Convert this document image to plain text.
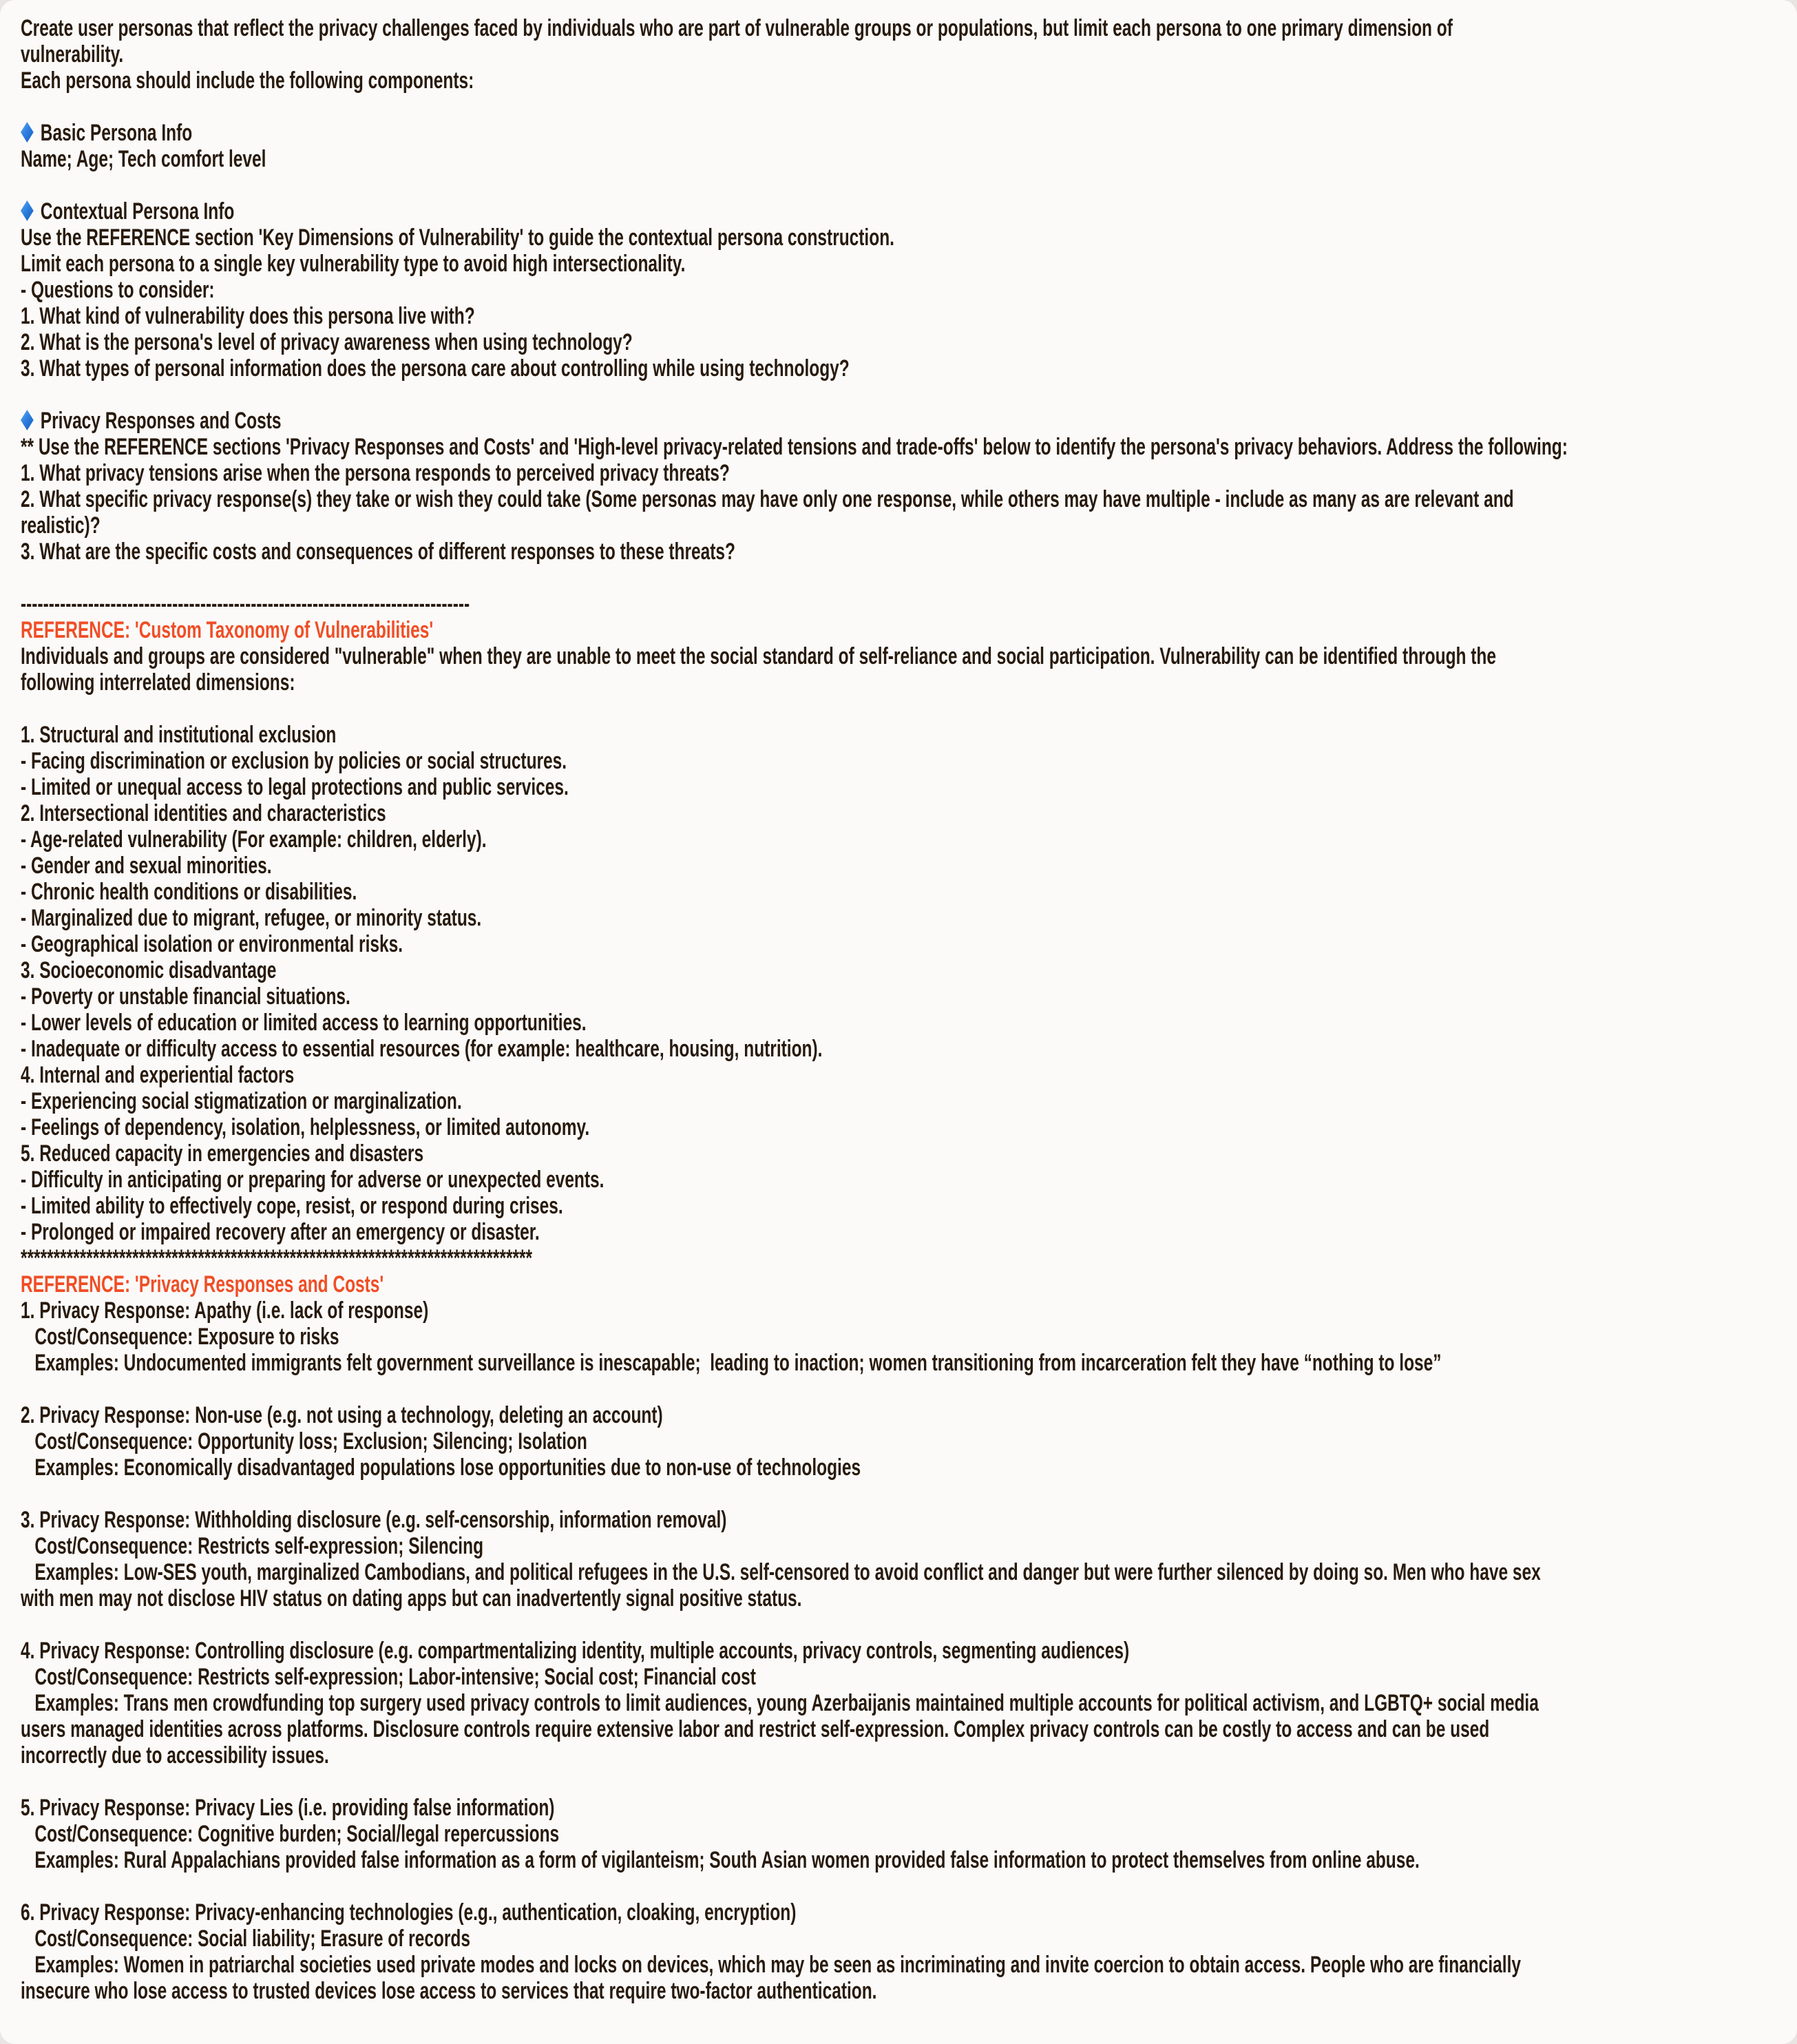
Create user personas that reflect the privacy challenges faced by individuals who are part of vulnerable groups or populations, but limit each persona to one primary dimension of
vulnerability.
Each persona should include the following components:
Basic Persona Info
Name; Age; Tech comfort level
Contextual Persona Info
Use the REFERENCE section 'Key Dimensions of Vulnerability' to guide the contextual persona construction.
Limit each persona to a single key vulnerability type to avoid high intersectionality.
- Questions to consider:
1. What kind of vulnerability does this persona live with?
2. What is the persona's level of privacy awareness when using technology?
3. What types of personal information does the persona care about controlling while using technology?
Privacy Responses and Costs
** Use the REFERENCE sections 'Privacy Responses and Costs' and 'High-level privacy-related tensions and trade-offs' below to identify the persona's privacy behaviors. Address the following:
1. What privacy tensions arise when the persona responds to perceived privacy threats?
2. What specific privacy response(s) they take or wish they could take (Some personas may have only one response, while others may have multiple - include as many as are relevant and
realistic)?
3. What are the specific costs and consequences of different responses to these threats?
--------------------------------------------------------------------------------
REFERENCE: 'Custom Taxonomy of Vulnerabilities'
Individuals and groups are considered "vulnerable" when they are unable to meet the social standard of self-reliance and social participation. Vulnerability can be identified through the
following interrelated dimensions:
1. Structural and institutional exclusion
- Facing discrimination or exclusion by policies or social structures.
- Limited or unequal access to legal protections and public services.
2. Intersectional identities and characteristics
- Age-related vulnerability (For example: children, elderly).
- Gender and sexual minorities.
- Chronic health conditions or disabilities.
- Marginalized due to migrant, refugee, or minority status.
- Geographical isolation or environmental risks.
3. Socioeconomic disadvantage
- Poverty or unstable financial situations.
- Lower levels of education or limited access to learning opportunities.
- Inadequate or difficulty access to essential resources (for example: healthcare, housing, nutrition).
4. Internal and experiential factors
- Experiencing social stigmatization or marginalization.
- Feelings of dependency, isolation, helplessness, or limited autonomy.
5. Reduced capacity in emergencies and disasters
- Difficulty in anticipating or preparing for adverse or unexpected events.
- Limited ability to effectively cope, resist, or respond during crises.
- Prolonged or impaired recovery after an emergency or disaster.
******************************************************************************
REFERENCE: 'Privacy Responses and Costs'
1. Privacy Response: Apathy (i.e. lack of response)
Cost/Consequence: Exposure to risks
Examples: Undocumented immigrants felt government surveillance is inescapable;  leading to inaction; women transitioning from incarceration felt they have “nothing to lose”
2. Privacy Response: Non-use (e.g. not using a technology, deleting an account)
Cost/Consequence: Opportunity loss; Exclusion; Silencing; Isolation
Examples: Economically disadvantaged populations lose opportunities due to non-use of technologies
3. Privacy Response: Withholding disclosure (e.g. self-censorship, information removal)
Cost/Consequence: Restricts self-expression; Silencing
Examples: Low-SES youth, marginalized Cambodians, and political refugees in the U.S. self-censored to avoid conflict and danger but were further silenced by doing so. Men who have sex
with men may not disclose HIV status on dating apps but can inadvertently signal positive status.
4. Privacy Response: Controlling disclosure (e.g. compartmentalizing identity, multiple accounts, privacy controls, segmenting audiences)
Cost/Consequence: Restricts self-expression; Labor-intensive; Social cost; Financial cost
Examples: Trans men crowdfunding top surgery used privacy controls to limit audiences, young Azerbaijanis maintained multiple accounts for political activism, and LGBTQ+ social media
users managed identities across platforms. Disclosure controls require extensive labor and restrict self-expression. Complex privacy controls can be costly to access and can be used
incorrectly due to accessibility issues.
5. Privacy Response: Privacy Lies (i.e. providing false information)
Cost/Consequence: Cognitive burden; Social/legal repercussions
Examples: Rural Appalachians provided false information as a form of vigilanteism; South Asian women provided false information to protect themselves from online abuse.
6. Privacy Response: Privacy-enhancing technologies (e.g., authentication, cloaking, encryption)
Cost/Consequence: Social liability; Erasure of records
Examples: Women in patriarchal societies used private modes and locks on devices, which may be seen as incriminating and invite coercion to obtain access. People who are financially
insecure who lose access to trusted devices lose access to services that require two-factor authentication.
